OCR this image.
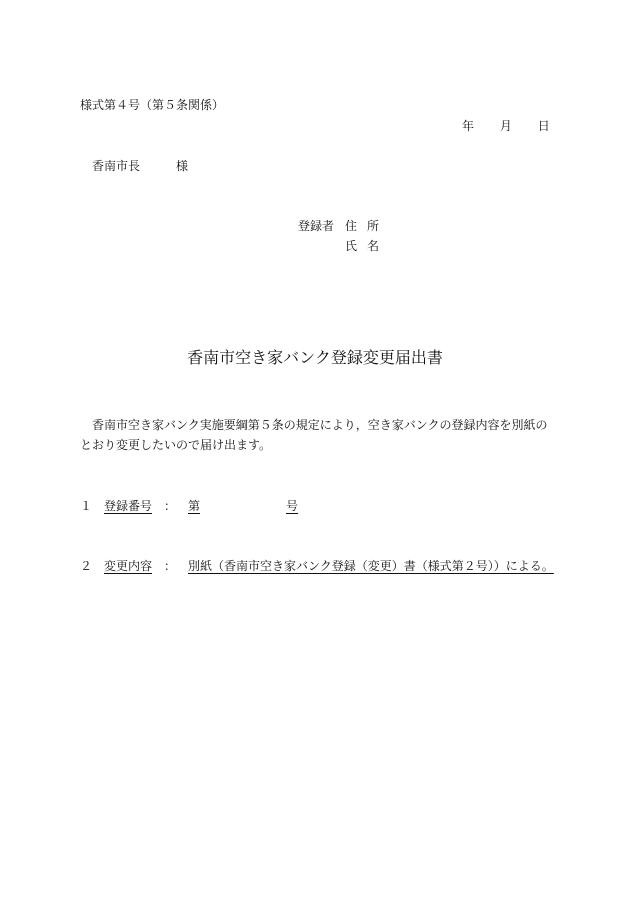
様式第４号（第５条関係）
年 月 日
香南市長	様
登録者 住所
氏名
香南市空き家バンク登録変更届出書
香南市空き家バンク実施要綱第５条の規定により，空き家バンクの登録内容を別紙のとおり変更したいので届け出ます。
１ 登録番号 ： 第	号
２ 変更内容 ： 別紙（香南市空き家バンク登録（変更）書（様式第２号））による。
